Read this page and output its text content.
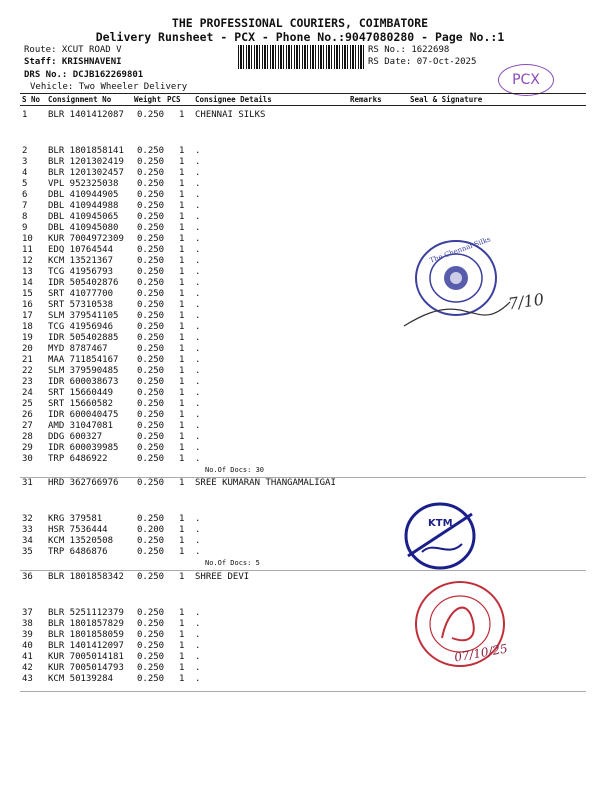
THE PROFESSIONAL COURIERS, COIMBATORE
Delivery Runsheet - PCX - Phone No.:9047080280 - Page No.:1
Route: XCUT ROAD V
Staff: KRISHNAVENI
DRS No.: DCJB162269801
Vehicle: Two Wheeler Delivery
RS No.: 1622698
RS Date: 07-Oct-2025
PCX
S No Consignment No	Weight PCS Consignee Details	Remarks	Seal & Signature
1 BLR 1401412087 0.250 1 CHENNAI SILKS
2 BLR 1801858141 0.250 1 .
3 BLR 1201302419 0.250 1 .
4 BLR 1201302457 0.250 1 .
5 VPL 952325038 0.250 1 .
6 DBL 410944905 0.250 1 .
7 DBL 410944988 0.250 1 .
8 DBL 410945065 0.250 1 .
9 DBL 410945080 0.250 1 .
10 KUR 7004972309 0.250 1 .
11 EDQ 10764544	0.250 1 .
12 KCM 13521367	0.250 1 .
13 TCG 41956793	0.250 1 .
14 IDR 505402876 0.250 1 .
15 SRT 41077700	0.250 1 .
16 SRT 57310538	0.250 1 .
17 SLM 379541105 0.250 1 .
18 TCG 41956946	0.250 1 .
19 IDR 505402885 0.250 1 .
20 MYD 8787467	0.250 1 .
21 MAA 711854167 0.250 1 .
22 SLM 379590485 0.250 1 .
23 IDR 600038673 0.250 1 .
24 SRT 15660449	0.250 1 .
25 SRT 15660582	0.250 1 .
26 IDR 600040475 0.250 1 .
27 AMD 31047081	0.250 1 .
28 DDG 600327	0.250 1 .
29 IDR 600039985 0.250 1 .
30 TRP 6486922	0.250 1 .
No.Of Docs: 30
31 HRD 362766976 0.250 1 SREE KUMARAN THANGAMALIGAI
32 KRG 379581	0.250 1 .
33 HSR 7536444	0.200 1 .
34 KCM 13520508	0.250 1 .
35 TRP 6486876	0.250 1 .
No.Of Docs: 5
36 BLR 1801858342 0.250 1 SHREE DEVI
37 BLR 5251112379 0.250 1 .
38 BLR 1801857829 0.250 1 .
39 BLR 1801858059 0.250 1 .
40 BLR 1401412097 0.250 1 .
41 KUR 7005014181 0.250 1 .
42 KUR 7005014793 0.250 1 .
43 KCM 50139284	0.250 1 .
The Chennai Silks
7/10
KTM
07/10/25
